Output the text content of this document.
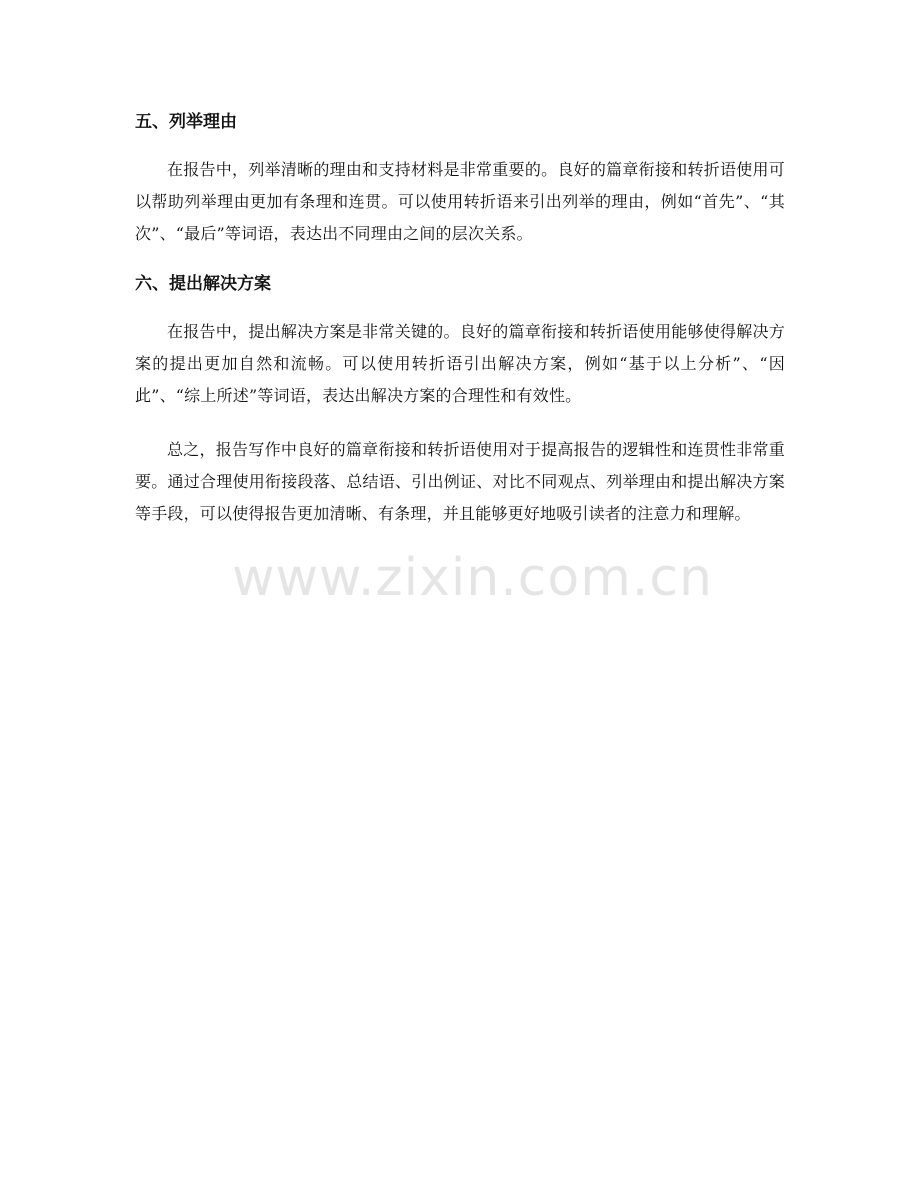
五、列举理由

在报告中，列举清晰的理由和支持材料是非常重要的。良好的篇章衔接和转折语使用可以帮助列举理由更加有条理和连贯。可以使用转折语来引出列举的理由，例如“首先”、“其次”、“最后”等词语，表达出不同理由之间的层次关系。

六、提出解决方案

在报告中，提出解决方案是非常关键的。良好的篇章衔接和转折语使用能够使得解决方案的提出更加自然和流畅。可以使用转折语引出解决方案，例如“基于以上分析”、“因此”、“综上所述”等词语，表达出解决方案的合理性和有效性。

总之，报告写作中良好的篇章衔接和转折语使用对于提高报告的逻辑性和连贯性非常重要。通过合理使用衔接段落、总结语、引出例证、对比不同观点、列举理由和提出解决方案等手段，可以使得报告更加清晰、有条理，并且能够更好地吸引读者的注意力和理解。

www.zixin.com.cn
